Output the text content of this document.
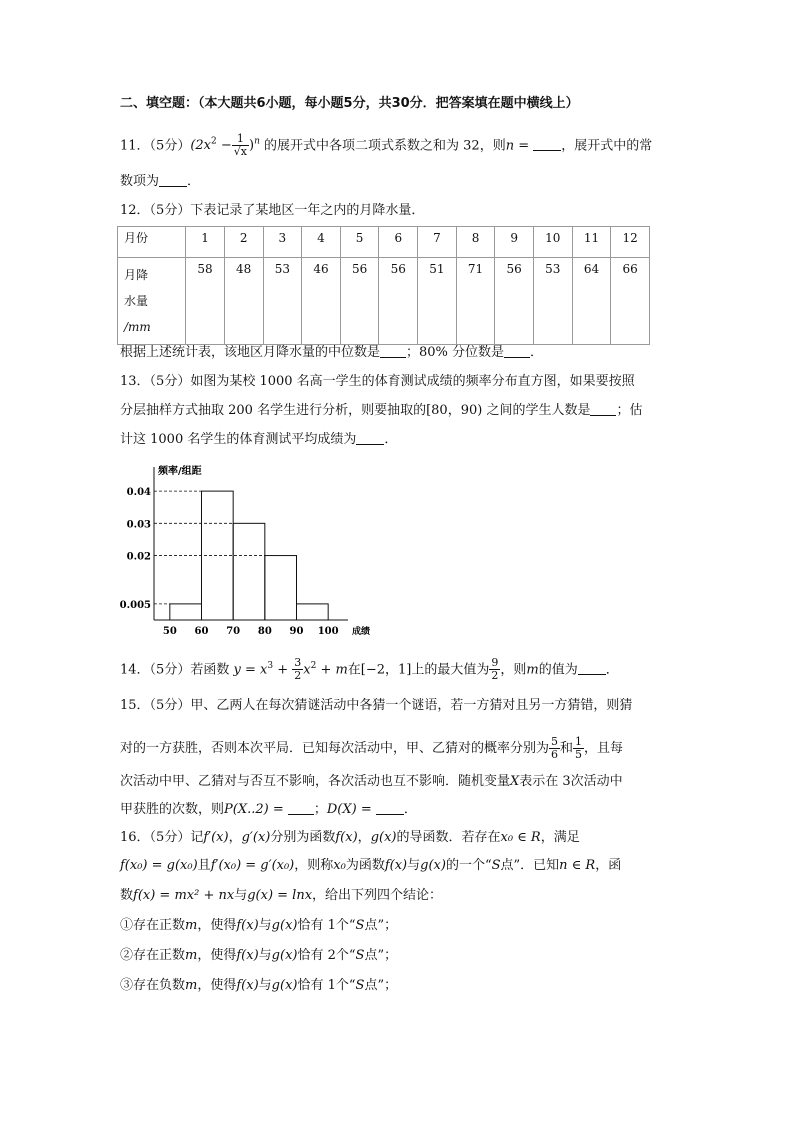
二、填空题：（本大题共6小题，每小题5分，共30分．把答案填在题中横线上）
11．（5分）$(2x^2 - \frac{1}{√x} )^n$ 的展开式中各项二项式系数之和为 32，则n = ，展开式中的常
数项为 ．
12．（5分）下表记录了某地区一年之内的月降水量．
月份	1	2	3	4	5	6	7	8	9	10	11	12

月降
水量
/mm	58	48	53	46	56	56	51	71	56	53	64	66
根据上述统计表，该地区月降水量的中位数是 ；80% 分位数是 ．
13．（5分）如图为某校 1000 名高一学生的体育测试成绩的频率分布直方图，如果要按照
分层抽样方式抽取 200 名学生进行分析，则要抽取的[80，90) 之间的学生人数是 ；估
计这 1000 名学生的体育测试平均成绩为 ．
0.005
0.02
0.03
0.04
50 60 70 80 90 100 成绩
频率/组距
14．（5分）若函数 $y = x^3 + \frac{3}{2} x^2 + m$在[−2，1]上的最大值为 $\frac{9}{2}$ ，则m的值为 ．
15．（5分）甲、乙两人在每次猜谜活动中各猜一个谜语，若一方猜对且另一方猜错，则猜
对的一方获胜，否则本次平局．已知每次活动中，甲、乙猜对的概率分别为 $\frac{5}{6}$ 和 $\frac{1}{5}$ ，且每
次活动中甲、乙猜对与否互不影响，各次活动也互不影响．随机变量X表示在 3次活动中
甲获胜的次数，则P(X..2) = ；D(X) = ．
16．（5分）记f′(x)，g′(x)分别为函数f(x)，g(x)的导函数．若存在x₀ ∈ R，满足
f(x₀) = g(x₀)且f′(x₀) = g′(x₀)，则称x₀为函数f(x)与g(x)的一个“S点”．已知n ∈ R，函
数f(x) = mx² + nx与g(x) = lnx，给出下列四个结论：
①存在正数m，使得f(x)与g(x)恰有 1个“S点”；
②存在正数m，使得f(x)与g(x)恰有 2个“S点”；
③存在负数m，使得f(x)与g(x)恰有 1个“S点”；
